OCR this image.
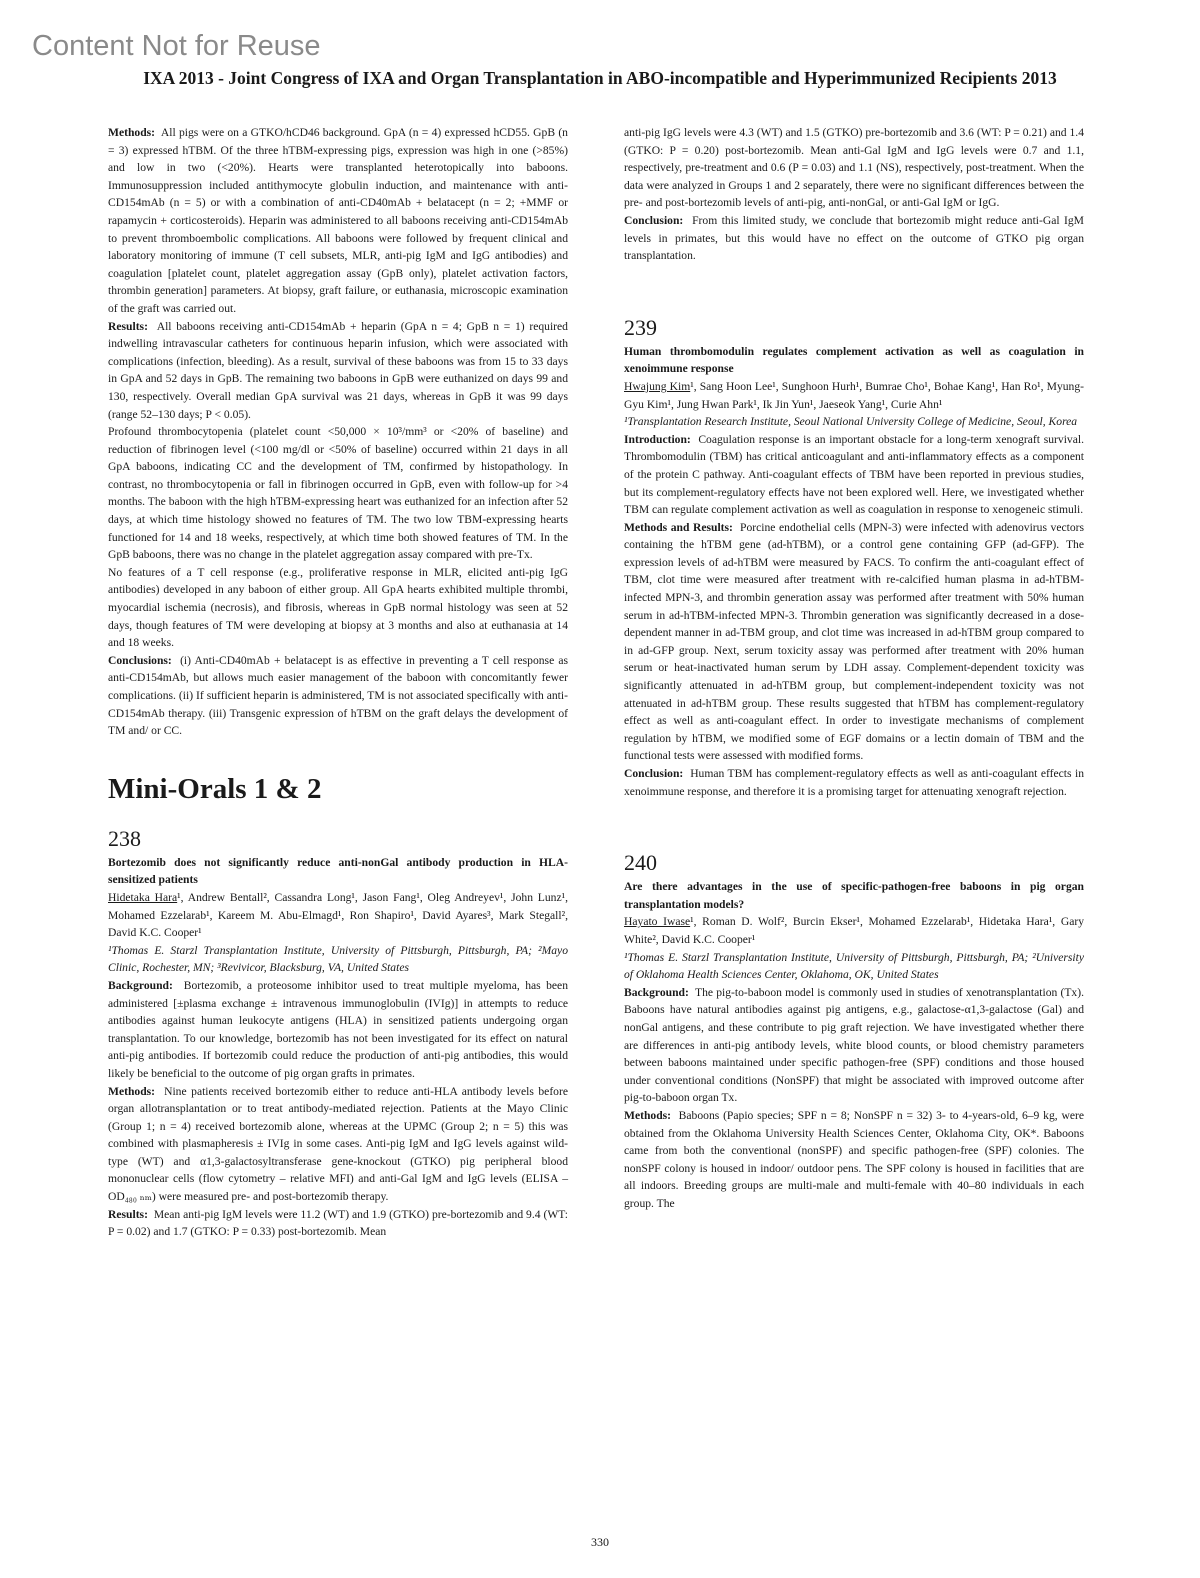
Content Not for Reuse
IXA 2013 - Joint Congress of IXA and Organ Transplantation in ABO-incompatible and Hyperimmunized Recipients 2013

Methods: All pigs were on a GTKO/hCD46 background. GpA (n = 4) expressed hCD55. GpB (n = 3) expressed hTBM. Of the three hTBM-expressing pigs, expression was high in one (>85%) and low in two (<20%). Hearts were transplanted heterotopically into baboons. Immunosuppression included antithymocyte globulin induction, and maintenance with anti-CD154mAb (n = 5) or with a combination of anti-CD40mAb + belatacept (n = 2; +MMF or rapamycin + corticosteroids). Heparin was administered to all baboons receiving anti-CD154mAb to prevent thromboembolic complications. All baboons were followed by frequent clinical and laboratory monitoring of immune (T cell subsets, MLR, anti-pig IgM and IgG antibodies) and coagulation [platelet count, platelet aggregation assay (GpB only), platelet activation factors, thrombin generation] parameters. At biopsy, graft failure, or euthanasia, microscopic examination of the graft was carried out.

Results: All baboons receiving anti-CD154mAb + heparin (GpA n = 4; GpB n = 1) required indwelling intravascular catheters for continuous heparin infusion, which were associated with complications (infection, bleeding). As a result, survival of these baboons was from 15 to 33 days in GpA and 52 days in GpB. The remaining two baboons in GpB were euthanized on days 99 and 130, respectively. Overall median GpA survival was 21 days, whereas in GpB it was 99 days (range 52–130 days; P < 0.05).

Profound thrombocytopenia (platelet count <50,000 × 10³/mm³ or <20% of baseline) and reduction of fibrinogen level (<100 mg/dl or <50% of baseline) occurred within 21 days in all GpA baboons, indicating CC and the development of TM, confirmed by histopathology. In contrast, no thrombocytopenia or fall in fibrinogen occurred in GpB, even with follow-up for >4 months. The baboon with the high hTBM-expressing heart was euthanized for an infection after 52 days, at which time histology showed no features of TM. The two low TBM-expressing hearts functioned for 14 and 18 weeks, respectively, at which time both showed features of TM. In the GpB baboons, there was no change in the platelet aggregation assay compared with pre-Tx.

No features of a T cell response (e.g., proliferative response in MLR, elicited anti-pig IgG antibodies) developed in any baboon of either group. All GpA hearts exhibited multiple thrombi, myocardial ischemia (necrosis), and fibrosis, whereas in GpB normal histology was seen at 52 days, though features of TM were developing at biopsy at 3 months and also at euthanasia at 14 and 18 weeks.

Conclusions: (i) Anti-CD40mAb + belatacept is as effective in preventing a T cell response as anti-CD154mAb, but allows much easier management of the baboon with concomitantly fewer complications. (ii) If sufficient heparin is administered, TM is not associated specifically with anti-CD154mAb therapy. (iii) Transgenic expression of hTBM on the graft delays the development of TM and/ or CC.

Mini-Orals 1 & 2
238

Bortezomib does not significantly reduce anti-nonGal antibody production in HLA-sensitized patients

Hidetaka Hara¹, Andrew Bentall², Cassandra Long¹, Jason Fang¹, Oleg Andreyev¹, John Lunz¹, Mohamed Ezzelarab¹, Kareem M. Abu-Elmagd¹, Ron Shapiro¹, David Ayares³, Mark Stegall², David K.C. Cooper¹

¹Thomas E. Starzl Transplantation Institute, University of Pittsburgh, Pittsburgh, PA; ²Mayo Clinic, Rochester, MN; ³Revivicor, Blacksburg, VA, United States

Background: Bortezomib, a proteosome inhibitor used to treat multiple myeloma, has been administered [±plasma exchange ± intravenous immunoglobulin (IVIg)] in attempts to reduce antibodies against human leukocyte antigens (HLA) in sensitized patients undergoing organ transplantation. To our knowledge, bortezomib has not been investigated for its effect on natural anti-pig antibodies. If bortezomib could reduce the production of anti-pig antibodies, this would likely be beneficial to the outcome of pig organ grafts in primates.

Methods: Nine patients received bortezomib either to reduce anti-HLA antibody levels before organ allotransplantation or to treat antibody-mediated rejection. Patients at the Mayo Clinic (Group 1; n = 4) received bortezomib alone, whereas at the UPMC (Group 2; n = 5) this was combined with plasmapheresis ± IVIg in some cases. Anti-pig IgM and IgG levels against wild-type (WT) and α1,3-galactosyltransferase gene-knockout (GTKO) pig peripheral blood mononuclear cells (flow cytometry – relative MFI) and anti-Gal IgM and IgG levels (ELISA – OD₄₈₀ ₙₘ) were measured pre- and post-bortezomib therapy.

Results: Mean anti-pig IgM levels were 11.2 (WT) and 1.9 (GTKO) pre-bortezomib and 9.4 (WT: P = 0.02) and 1.7 (GTKO: P = 0.33) post-bortezomib. Mean

anti-pig IgG levels were 4.3 (WT) and 1.5 (GTKO) pre-bortezomib and 3.6 (WT: P = 0.21) and 1.4 (GTKO: P = 0.20) post-bortezomib. Mean anti-Gal IgM and IgG levels were 0.7 and 1.1, respectively, pre-treatment and 0.6 (P = 0.03) and 1.1 (NS), respectively, post-treatment. When the data were analyzed in Groups 1 and 2 separately, there were no significant differences between the pre- and post-bortezomib levels of anti-pig, anti-nonGal, or anti-Gal IgM or IgG.

Conclusion: From this limited study, we conclude that bortezomib might reduce anti-Gal IgM levels in primates, but this would have no effect on the outcome of GTKO pig organ transplantation.

239

Human thrombomodulin regulates complement activation as well as coagulation in xenoimmune response

Hwajung Kim¹, Sang Hoon Lee¹, Sunghoon Hurh¹, Bumrae Cho¹, Bohae Kang¹, Han Ro¹, Myung-Gyu Kim¹, Jung Hwan Park¹, Ik Jin Yun¹, Jaeseok Yang¹, Curie Ahn¹

¹Transplantation Research Institute, Seoul National University College of Medicine, Seoul, Korea

Introduction: Coagulation response is an important obstacle for a long-term xenograft survival. Thrombomodulin (TBM) has critical anticoagulant and anti-inflammatory effects as a component of the protein C pathway. Anti-coagulant effects of TBM have been reported in previous studies, but its complement-regulatory effects have not been explored well. Here, we investigated whether TBM can regulate complement activation as well as coagulation in response to xenogeneic stimuli.

Methods and Results: Porcine endothelial cells (MPN-3) were infected with adenovirus vectors containing the hTBM gene (ad-hTBM), or a control gene containing GFP (ad-GFP). The expression levels of ad-hTBM were measured by FACS. To confirm the anti-coagulant effect of TBM, clot time were measured after treatment with re-calcified human plasma in ad-hTBM-infected MPN-3, and thrombin generation assay was performed after treatment with 50% human serum in ad-hTBM-infected MPN-3. Thrombin generation was significantly decreased in a dose-dependent manner in ad-TBM group, and clot time was increased in ad-hTBM group compared to in ad-GFP group. Next, serum toxicity assay was performed after treatment with 20% human serum or heat-inactivated human serum by LDH assay. Complement-dependent toxicity was significantly attenuated in ad-hTBM group, but complement-independent toxicity was not attenuated in ad-hTBM group. These results suggested that hTBM has complement-regulatory effect as well as anti-coagulant effect. In order to investigate mechanisms of complement regulation by hTBM, we modified some of EGF domains or a lectin domain of TBM and the functional tests were assessed with modified forms.

Conclusion: Human TBM has complement-regulatory effects as well as anti-coagulant effects in xenoimmune response, and therefore it is a promising target for attenuating xenograft rejection.

240

Are there advantages in the use of specific-pathogen-free baboons in pig organ transplantation models?

Hayato Iwase¹, Roman D. Wolf², Burcin Ekser¹, Mohamed Ezzelarab¹, Hidetaka Hara¹, Gary White², David K.C. Cooper¹

¹Thomas E. Starzl Transplantation Institute, University of Pittsburgh, Pittsburgh, PA; ²University of Oklahoma Health Sciences Center, Oklahoma, OK, United States

Background: The pig-to-baboon model is commonly used in studies of xenotransplantation (Tx). Baboons have natural antibodies against pig antigens, e.g., galactose-α1,3-galactose (Gal) and nonGal antigens, and these contribute to pig graft rejection. We have investigated whether there are differences in anti-pig antibody levels, white blood counts, or blood chemistry parameters between baboons maintained under specific pathogen-free (SPF) conditions and those housed under conventional conditions (NonSPF) that might be associated with improved outcome after pig-to-baboon organ Tx.

Methods: Baboons (Papio species; SPF n = 8; NonSPF n = 32) 3- to 4-years-old, 6–9 kg, were obtained from the Oklahoma University Health Sciences Center, Oklahoma City, OK*. Baboons came from both the conventional (nonSPF) and specific pathogen-free (SPF) colonies. The nonSPF colony is housed in indoor/ outdoor pens. The SPF colony is housed in facilities that are all indoors. Breeding groups are multi-male and multi-female with 40–80 individuals in each group. The

330
